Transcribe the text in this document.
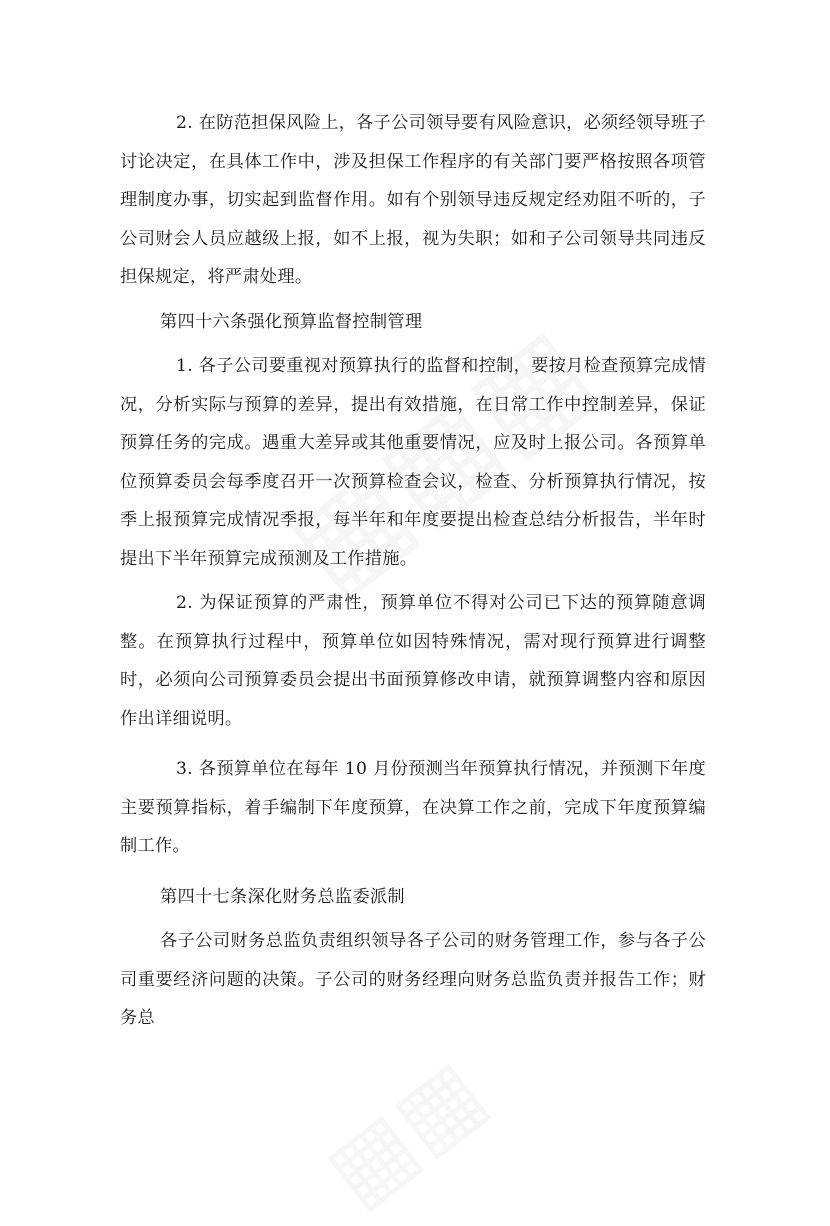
2. 在防范担保风险上，各子公司领导要有风险意识，必须经领导班子讨论决定，在具体工作中，涉及担保工作程序的有关部门要严格按照各项管理制度办事，切实起到监督作用。如有个别领导违反规定经劝阻不听的，子公司财会人员应越级上报，如不上报，视为失职；如和子公司领导共同违反担保规定，将严肃处理。

第四十六条强化预算监督控制管理

1. 各子公司要重视对预算执行的监督和控制，要按月检查预算完成情况，分析实际与预算的差异，提出有效措施，在日常工作中控制差异，保证预算任务的完成。遇重大差异或其他重要情况，应及时上报公司。各预算单位预算委员会每季度召开一次预算检查会议，检查、分析预算执行情况，按季上报预算完成情况季报，每半年和年度要提出检查总结分析报告，半年时提出下半年预算完成预测及工作措施。

2. 为保证预算的严肃性，预算单位不得对公司已下达的预算随意调整。在预算执行过程中，预算单位如因特殊情况，需对现行预算进行调整时，必须向公司预算委员会提出书面预算修改申请，就预算调整内容和原因作出详细说明。

3. 各预算单位在每年 10 月份预测当年预算执行情况，并预测下年度主要预算指标，着手编制下年度预算，在决算工作之前，完成下年度预算编制工作。

第四十七条深化财务总监委派制

各子公司财务总监负责组织领导各子公司的财务管理工作，参与各子公司重要经济问题的决策。子公司的财务经理向财务总监负责并报告工作；财务总
